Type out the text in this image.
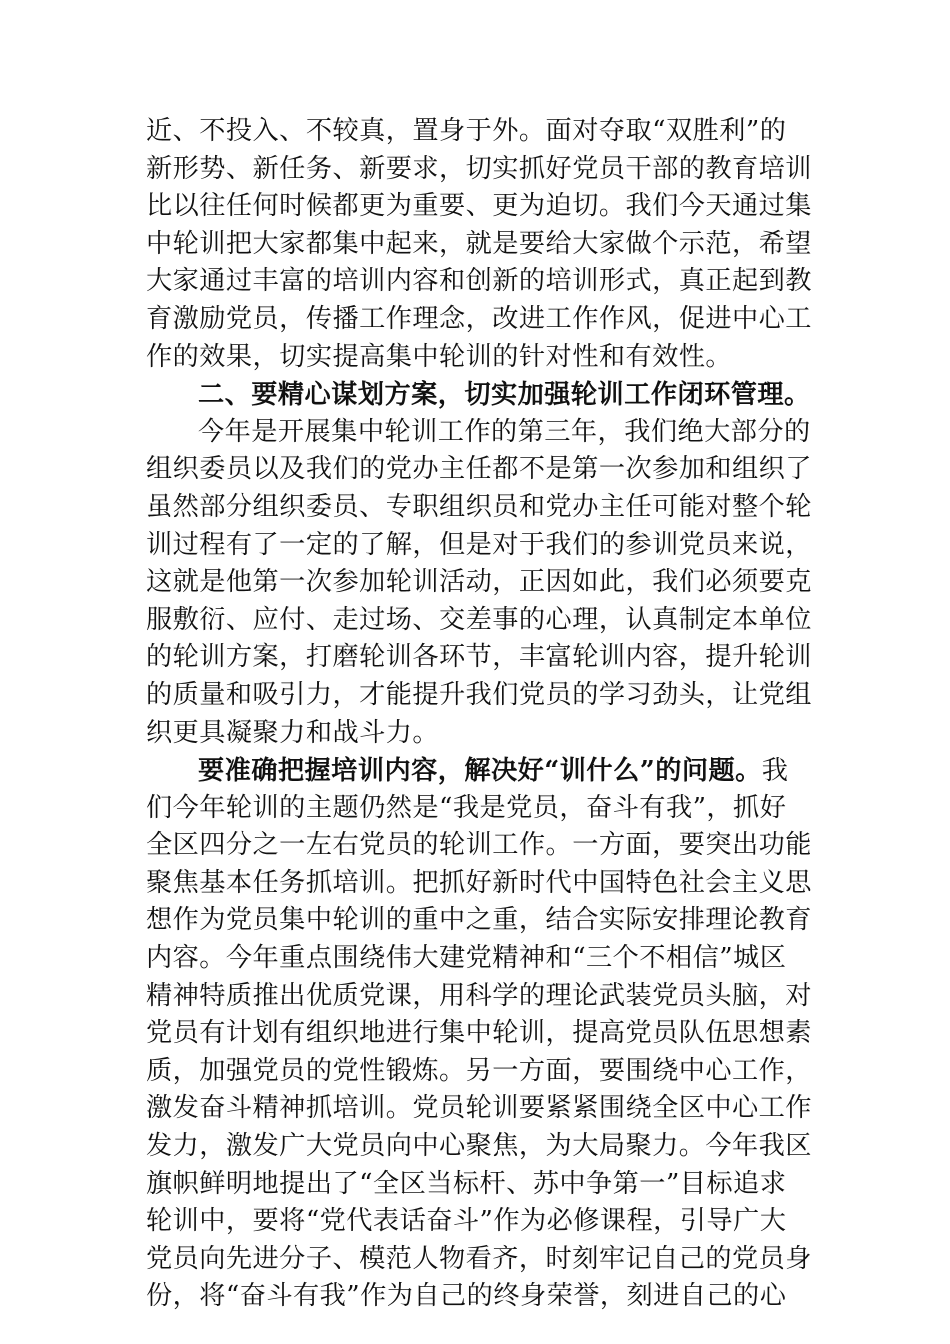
近、不投入、不较真，置身于外。面对夺取“双胜利”的
新形势、新任务、新要求，切实抓好党员干部的教育培训
比以往任何时候都更为重要、更为迫切。我们今天通过集
中轮训把大家都集中起来，就是要给大家做个示范，希望
大家通过丰富的培训内容和创新的培训形式，真正起到教
育激励党员，传播工作理念，改进工作作风，促进中心工
作的效果，切实提高集中轮训的针对性和有效性。
二、要精心谋划方案，切实加强轮训工作闭环管理。
今年是开展集中轮训工作的第三年，我们绝大部分的
组织委员以及我们的党办主任都不是第一次参加和组织了
虽然部分组织委员、专职组织员和党办主任可能对整个轮
训过程有了一定的了解，但是对于我们的参训党员来说，
这就是他第一次参加轮训活动，正因如此，我们必须要克
服敷衍、应付、走过场、交差事的心理，认真制定本单位
的轮训方案，打磨轮训各环节，丰富轮训内容，提升轮训
的质量和吸引力，才能提升我们党员的学习劲头，让党组
织更具凝聚力和战斗力。
要准确把握培训内容，解决好“训什么”的问题。我
们今年轮训的主题仍然是“我是党员，奋斗有我”，抓好
全区四分之一左右党员的轮训工作。一方面，要突出功能
聚焦基本任务抓培训。把抓好新时代中国特色社会主义思
想作为党员集中轮训的重中之重，结合实际安排理论教育
内容。今年重点围绕伟大建党精神和“三个不相信”城区
精神特质推出优质党课，用科学的理论武装党员头脑，对
党员有计划有组织地进行集中轮训，提高党员队伍思想素
质，加强党员的党性锻炼。另一方面，要围绕中心工作，
激发奋斗精神抓培训。党员轮训要紧紧围绕全区中心工作
发力，激发广大党员向中心聚焦，为大局聚力。今年我区
旗帜鲜明地提出了“全区当标杆、苏中争第一”目标追求
轮训中，要将“党代表话奋斗”作为必修课程，引导广大
党员向先进分子、模范人物看齐，时刻牢记自己的党员身
份，将“奋斗有我”作为自己的终身荣誉，刻进自己的心
